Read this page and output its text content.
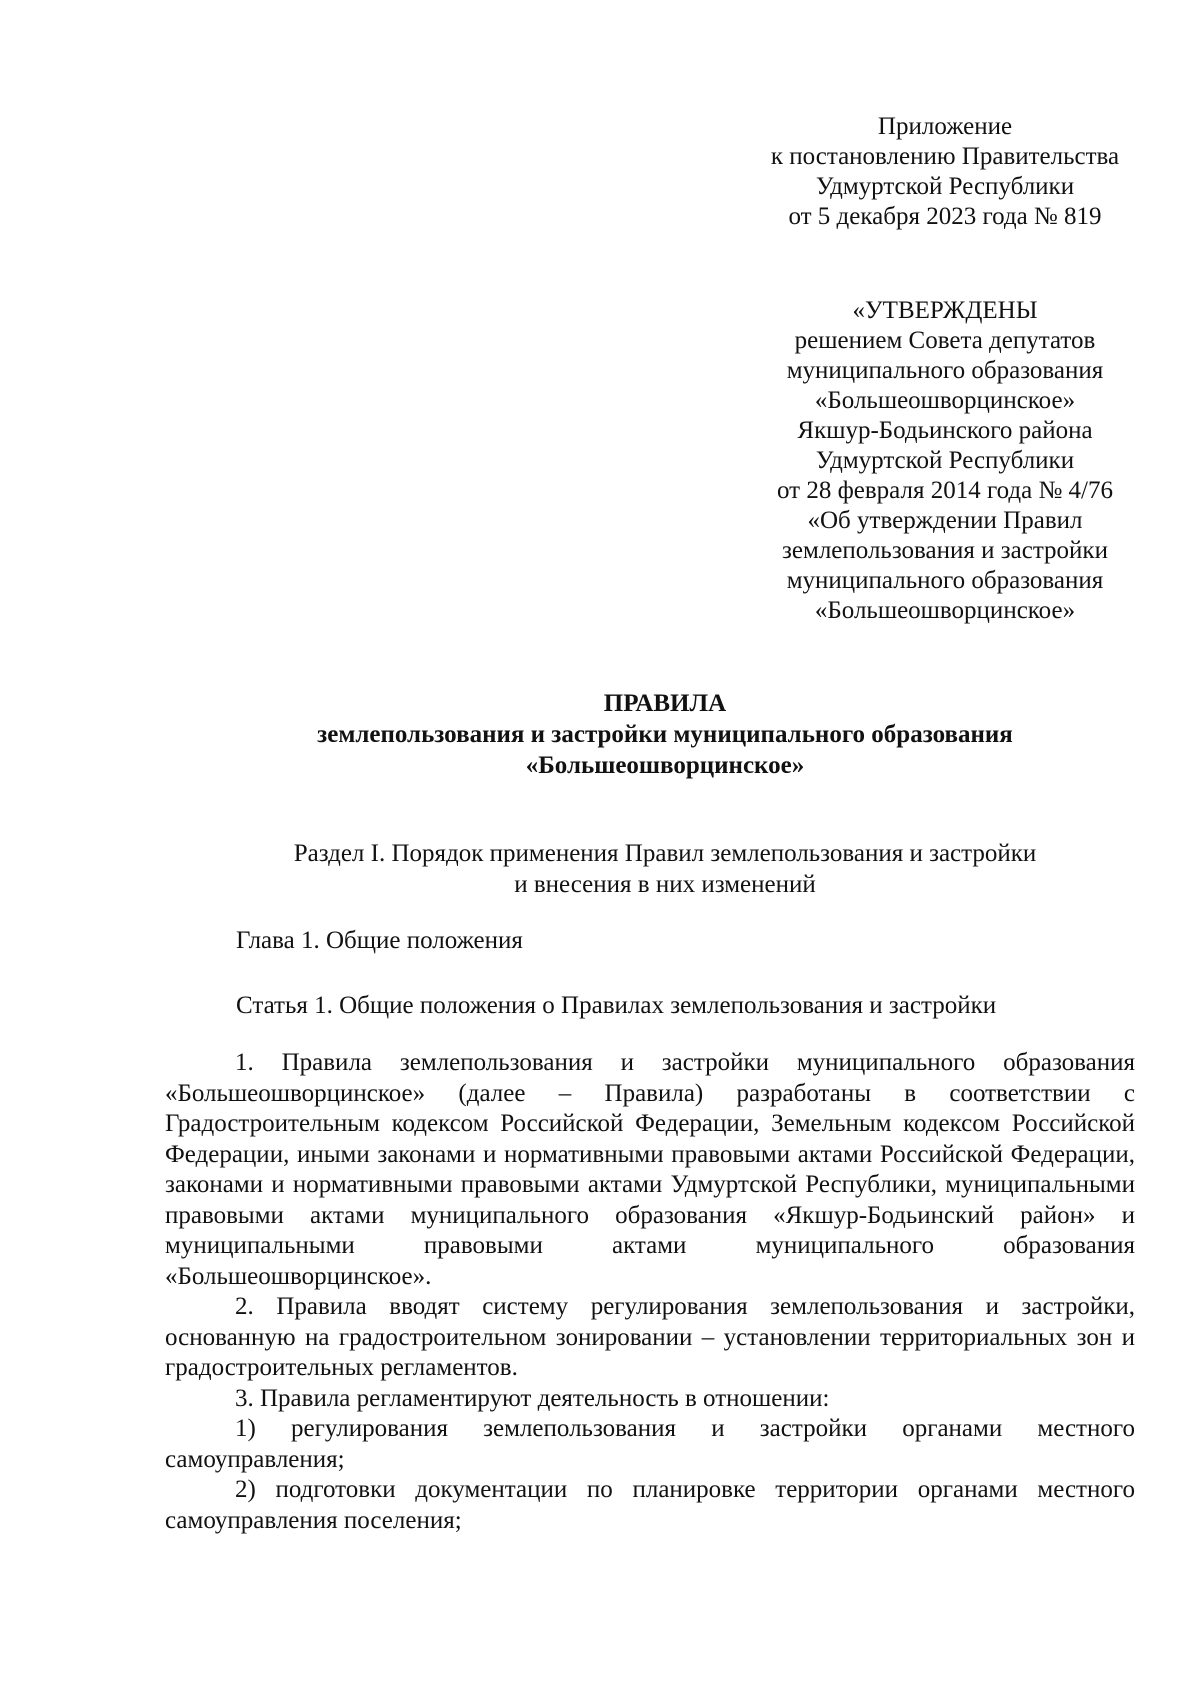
Приложение
к постановлению Правительства
Удмуртской Республики
от 5 декабря 2023 года № 819
«УТВЕРЖДЕНЫ
решением Совета депутатов
муниципального образования
«Большеошворцинское»
Якшур-Бодьинского района
Удмуртской Республики
от 28 февраля 2014 года № 4/76
«Об утверждении Правил
землепользования и застройки
муниципального образования
«Большеошворцинское»
ПРАВИЛА
землепользования и застройки муниципального образования
«Большеошворцинское»
Раздел I. Порядок применения Правил землепользования и застройки
и внесения в них изменений
Глава 1. Общие положения
Статья 1. Общие положения о Правилах землепользования и застройки

1. Правила землепользования и застройки муниципального образования «Большеошворцинское» (далее – Правила) разработаны в соответствии с Градостроительным кодексом Российской Федерации, Земельным кодексом Российской Федерации, иными законами и нормативными правовыми актами Российской Федерации, законами и нормативными правовыми актами Удмуртской Республики, муниципальными правовыми актами муниципального образования «Якшур-Бодьинский район» и муниципальными правовыми актами муниципального образования «Большеошворцинское».

2. Правила вводят систему регулирования землепользования и застройки, основанную на градостроительном зонировании – установлении территориальных зон и градостроительных регламентов.

3. Правила регламентируют деятельность в отношении:

1) регулирования землепользования и застройки органами местного самоуправления;

2) подготовки документации по планировке территории органами местного самоуправления поселения;
